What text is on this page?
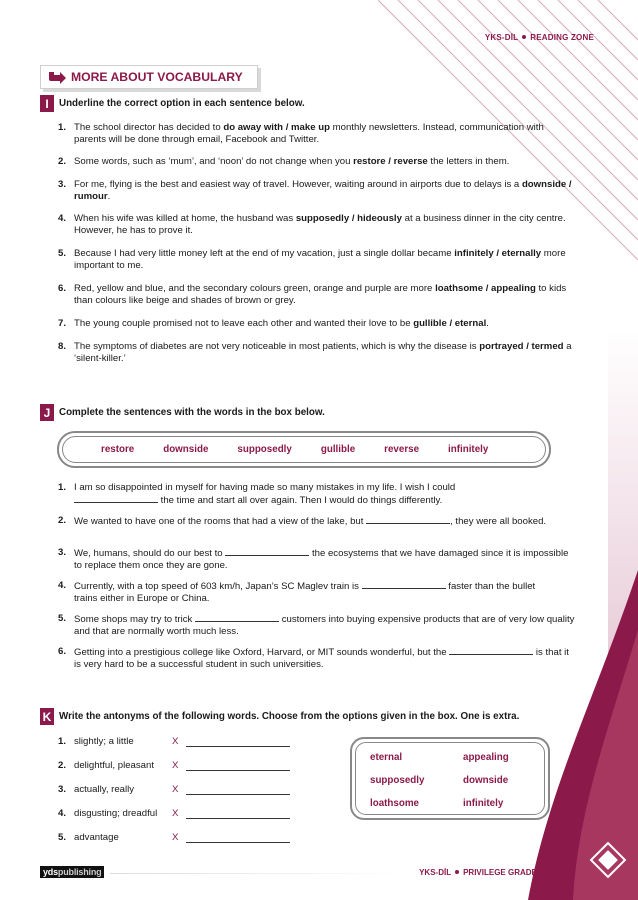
YKS-DİL READING ZONE
MORE ABOUT VOCABULARY
I	Underline the correct option in each sentence below.
1. The school director has decided to do away with / make up monthly newsletters. Instead, communication with parents will be done through email, Facebook and Twitter.
2. Some words, such as ‘mum’, and ‘noon’ do not change when you restore / reverse the letters in them.
3. For me, flying is the best and easiest way of travel. However, waiting around in airports due to delays is a downside / rumour.
4. When his wife was killed at home, the husband was supposedly / hideously at a business dinner in the city centre. However, he has to prove it.
5. Because I had very little money left at the end of my vacation, just a single dollar became infinitely / eternally more important to me.
6. Red, yellow and blue, and the secondary colours green, orange and purple are more loathsome / appealing to kids than colours like beige and shades of brown or grey.
7. The young couple promised not to leave each other and wanted their love to be gullible / eternal.
8. The symptoms of diabetes are not very noticeable in most patients, which is why the disease is portrayed / termed a ‘silent-killer.’
J Complete the sentences with the words in the box below.
restore	downside	supposedly	gullible	reverse	infinitely
1. I am so disappointed in myself for having made so many mistakes in my life. I wish I could
the time and start all over again. Then I would do things differently.
2. We wanted to have one of the rooms that had a view of the lake, but	, they were all booked.
3. We, humans, should do our best to	the ecosystems that we have damaged since it is impossible to replace them once they are gone.
4. Currently, with a top speed of 603 km/h, Japan’s SC Maglev train is	faster than the bullet trains either in Europe or China.
5. Some shops may try to trick	customers into buying expensive products that are of very low quality and that are normally worth much less.
6. Getting into a prestigious college like Oxford, Harvard, or MIT sounds wonderful, but the	is that it is very hard to be a successful student in such universities.
K Write the antonyms of the following words. Choose from the options given in the box. One is extra.
1. slightly; a little	X
2. delightful, pleasant X
3. actually, really	X
4. disgusting; dreadful X
5. advantage	X
eternal	appealing
supposedly	downside
loathsome	infinitely
ydspublishing	YKS-DİL PRIVILEGE GRADE 12
